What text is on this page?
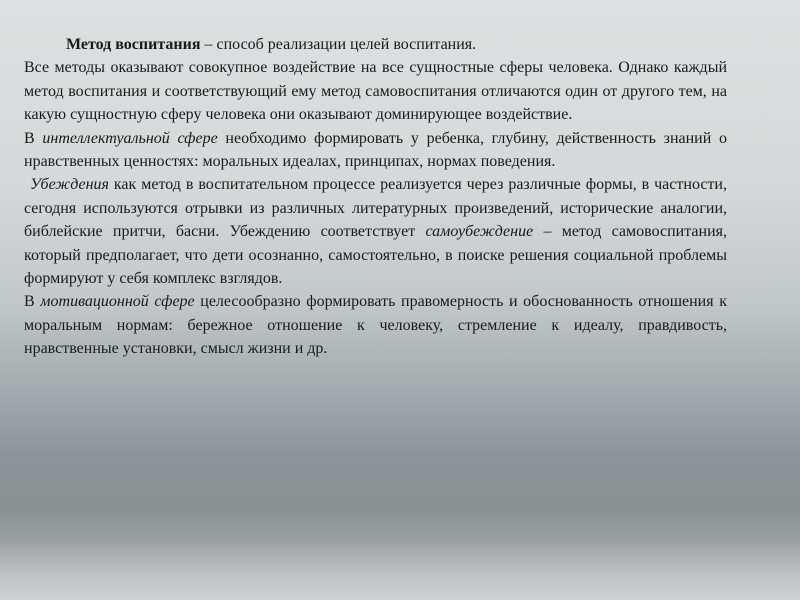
Метод воспитания – способ реализации целей воспитания.

Все методы оказывают совокупное воздействие на все сущностные сферы человека. Однако каждый метод воспитания и соответствующий ему метод самовоспитания отличаются один от другого тем, на какую сущностную сферу человека они оказывают доминирующее воздействие.

В интеллектуальной сфере необходимо формировать у ребенка, глубину, действенность знаний о нравственных ценностях: моральных идеалах, принципах, нормах поведения.

Убеждения как метод в воспитательном процессе реализуется через различные формы, в частности, сегодня используются отрывки из различных литературных произведений, исторические аналогии, библейские притчи, басни. Убеждению соответствует самоубеждение – метод самовоспитания, который предполагает, что дети осознанно, самостоятельно, в поиске решения социальной проблемы формируют у себя комплекс взглядов.

В мотивационной сфере целесообразно формировать правомерность и обоснованность отношения к моральным нормам: бережное отношение к человеку, стремление к идеалу, правдивость, нравственные установки, смысл жизни и др.
